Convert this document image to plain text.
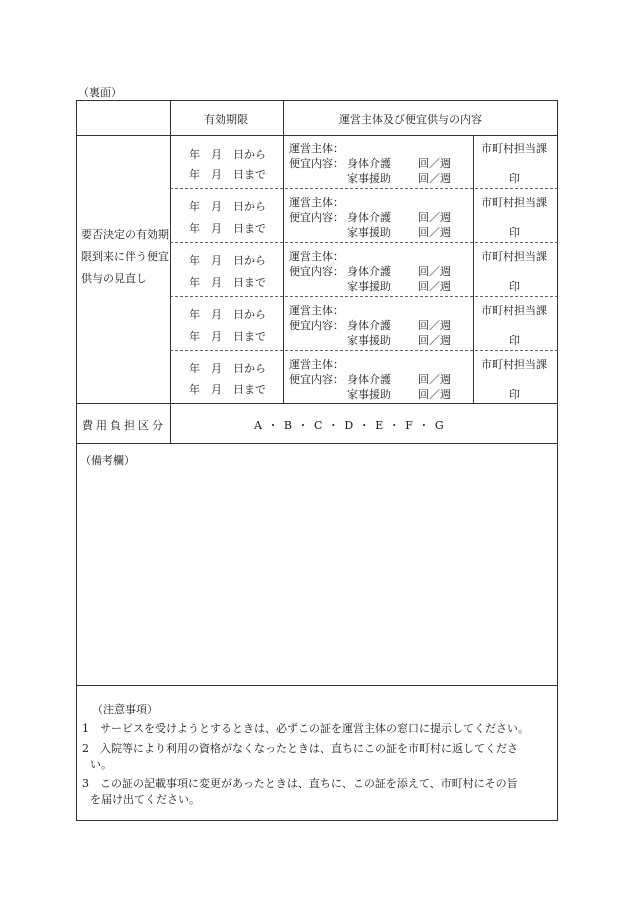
（裏面）
有効期限	運営主体及び便宜供与の内容
要否決定の有効期限到来に伴う便宜供与の見直し
年　月　日から
年　月　日まで
運営主体：
便宜内容： 身体介護 回／週
家事援助 回／週
市町村担当課
印
年　月　日から
年　月　日まで
運営主体：
便宜内容： 身体介護 回／週
家事援助 回／週
市町村担当課
印
年　月　日から
年　月　日まで
運営主体：
便宜内容： 身体介護 回／週
家事援助 回／週
市町村担当課
印
年　月　日から
年　月　日まで
運営主体：
便宜内容： 身体介護 回／週
家事援助 回／週
市町村担当課
印
年　月　日から
年　月　日まで
運営主体：
便宜内容： 身体介護 回／週
家事援助 回／週
市町村担当課
印
費用負担区分	A ・ B ・ C ・ D ・ E ・ F ・ G
（備考欄）
（注意事項）
1　サービスを受けようとするときは、必ずこの証を運営主体の窓口に提示してください。
2　入院等により利用の資格がなくなったときは、直ちにこの証を市町村に返してくださ
い。
3　この証の記載事項に変更があったときは、直ちに、この証を添えて、市町村にその旨
を届け出てください。
